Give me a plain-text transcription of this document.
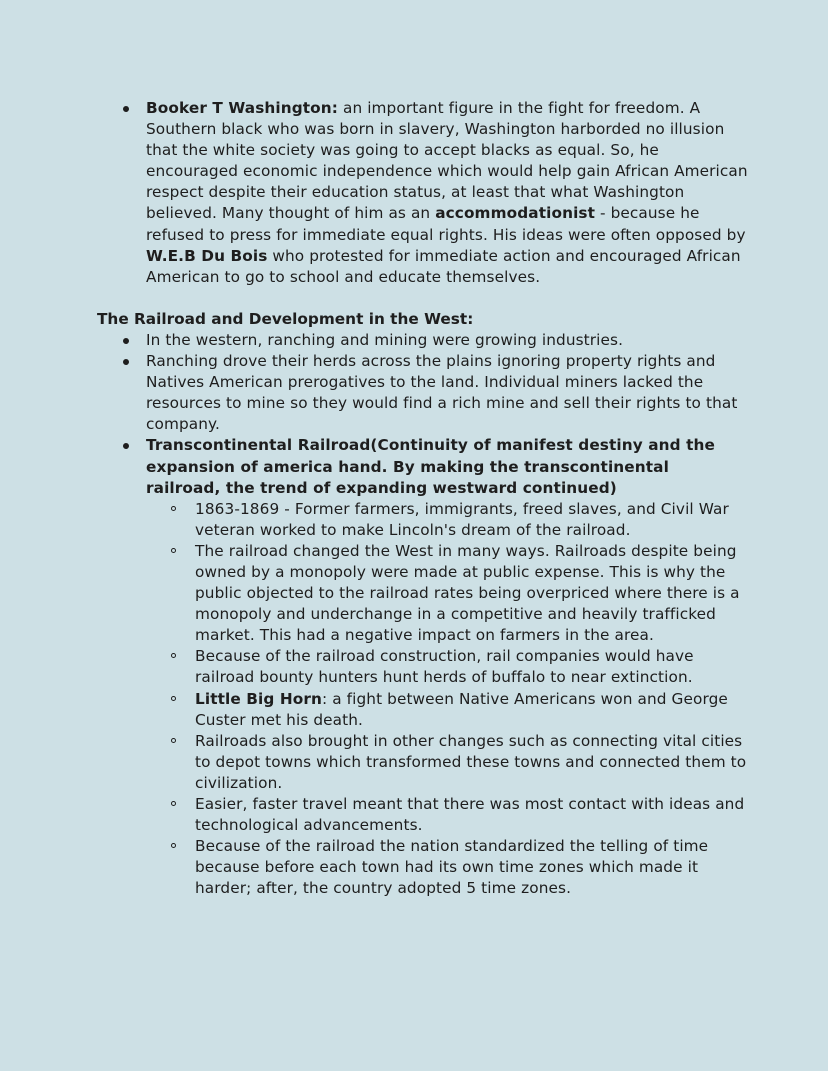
Booker T Washington: an important figure in the fight for freedom. A Southern black who was born in slavery, Washington harborded no illusion that the white society was going to accept blacks as equal. So, he encouraged economic independence which would help gain African American respect despite their education status, at least that what Washington believed. Many thought of him as an accommodationist - because he refused to press for immediate equal rights. His ideas were often opposed by W.E.B Du Bois who protested for immediate action and encouraged African American to go to school and educate themselves.
The Railroad and Development in the West:
In the western, ranching and mining were growing industries.
Ranching drove their herds across the plains ignoring property rights and Natives American prerogatives to the land. Individual miners lacked the resources to mine so they would find a rich mine and sell their rights to that company.
Transcontinental Railroad(Continuity of manifest destiny and the expansion of america hand. By making the transcontinental railroad, the trend of expanding westward continued)
1863-1869 - Former farmers, immigrants, freed slaves, and Civil War veteran worked to make Lincoln's dream of the railroad.
The railroad changed the West in many ways. Railroads despite being owned by a monopoly were made at public expense. This is why the public objected to the railroad rates being overpriced where there is a monopoly and underchange in a competitive and heavily trafficked market. This had a negative impact on farmers in the area.
Because of the railroad construction, rail companies would have railroad bounty hunters hunt herds of buffalo to near extinction.
Little Big Horn: a fight between Native Americans won and George Custer met his death.
Railroads also brought in other changes such as connecting vital cities to depot towns which transformed these towns and connected them to civilization.
Easier, faster travel meant that there was most contact with ideas and technological advancements.
Because of the railroad the nation standardized the telling of time because before each town had its own time zones which made it harder; after, the country adopted 5 time zones.
